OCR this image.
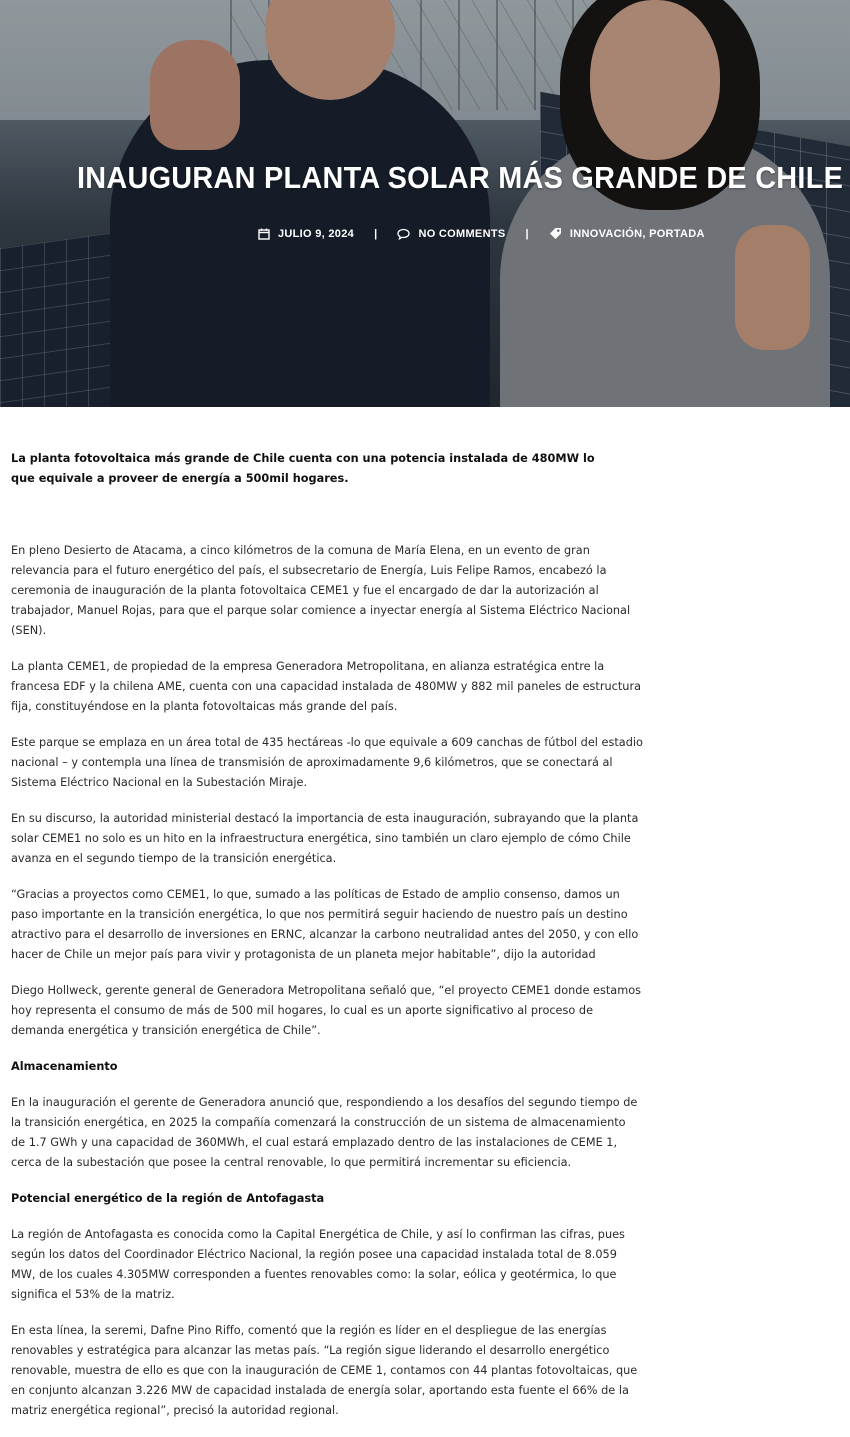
INAUGURAN PLANTA SOLAR MÁS GRANDE DE CHILE
JULIO 9, 2024 |	NO COMMENTS |	INNOVACIÓN , PORTADA

La planta fotovoltaica más grande de Chile cuenta con una potencia instalada de 480MW lo que equivale a proveer de energía a 500mil hogares.

En pleno Desierto de Atacama, a cinco kilómetros de la comuna de María Elena, en un evento de gran relevancia para el futuro energético del país, el subsecretario de Energía, Luis Felipe Ramos, encabezó la ceremonia de inauguración de la planta fotovoltaica CEME1 y fue el encargado de dar la autorización al trabajador, Manuel Rojas, para que el parque solar comience a inyectar energía al Sistema Eléctrico Nacional (SEN).

La planta CEME1, de propiedad de la empresa Generadora Metropolitana, en alianza estratégica entre la francesa EDF y la chilena AME, cuenta con una capacidad instalada de 480MW y 882 mil paneles de estructura fija, constituyéndose en la planta fotovoltaicas más grande del país.

Este parque se emplaza en un área total de 435 hectáreas -lo que equivale a 609 canchas de fútbol del estadio nacional – y contempla una línea de transmisión de aproximadamente 9,6 kilómetros, que se conectará al Sistema Eléctrico Nacional en la Subestación Miraje.

En su discurso, la autoridad ministerial destacó la importancia de esta inauguración, subrayando que la planta solar CEME1 no solo es un hito en la infraestructura energética, sino también un claro ejemplo de cómo Chile avanza en el segundo tiempo de la transición energética.

“Gracias a proyectos como CEME1, lo que, sumado a las políticas de Estado de amplio consenso, damos un paso importante en la transición energética, lo que nos permitirá seguir haciendo de nuestro país un destino atractivo para el desarrollo de inversiones en ERNC, alcanzar la carbono neutralidad antes del 2050, y con ello hacer de Chile un mejor país para vivir y protagonista de un planeta mejor habitable”, dijo la autoridad

Diego Hollweck, gerente general de Generadora Metropolitana señaló que, “el proyecto CEME1 donde estamos hoy representa el consumo de más de 500 mil hogares, lo cual es un aporte significativo al proceso de demanda energética y transición energética de Chile”.

Almacenamiento

En la inauguración el gerente de Generadora anunció que, respondiendo a los desafíos del segundo tiempo de la transición energética, en 2025 la compañía comenzará la construcción de un sistema de almacenamiento de 1.7 GWh y una capacidad de 360MWh, el cual estará emplazado dentro de las instalaciones de CEME 1, cerca de la subestación que posee la central renovable, lo que permitirá incrementar su eficiencia.

Potencial energético de la región de Antofagasta

La región de Antofagasta es conocida como la Capital Energética de Chile, y así lo confirman las cifras, pues según los datos del Coordinador Eléctrico Nacional, la región posee una capacidad instalada total de 8.059 MW, de los cuales 4.305MW corresponden a fuentes renovables como: la solar, eólica y geotérmica, lo que significa el 53% de la matriz.

En esta línea, la seremi, Dafne Pino Riffo, comentó que la región es líder en el despliegue de las energías renovables y estratégica para alcanzar las metas país. “La región sigue liderando el desarrollo energético renovable, muestra de ello es que con la inauguración de CEME 1, contamos con 44 plantas fotovoltaicas, que en conjunto alcanzan 3.226 MW de capacidad instalada de energía solar, aportando esta fuente el 66% de la matriz energética regional”, precisó la autoridad regional.
